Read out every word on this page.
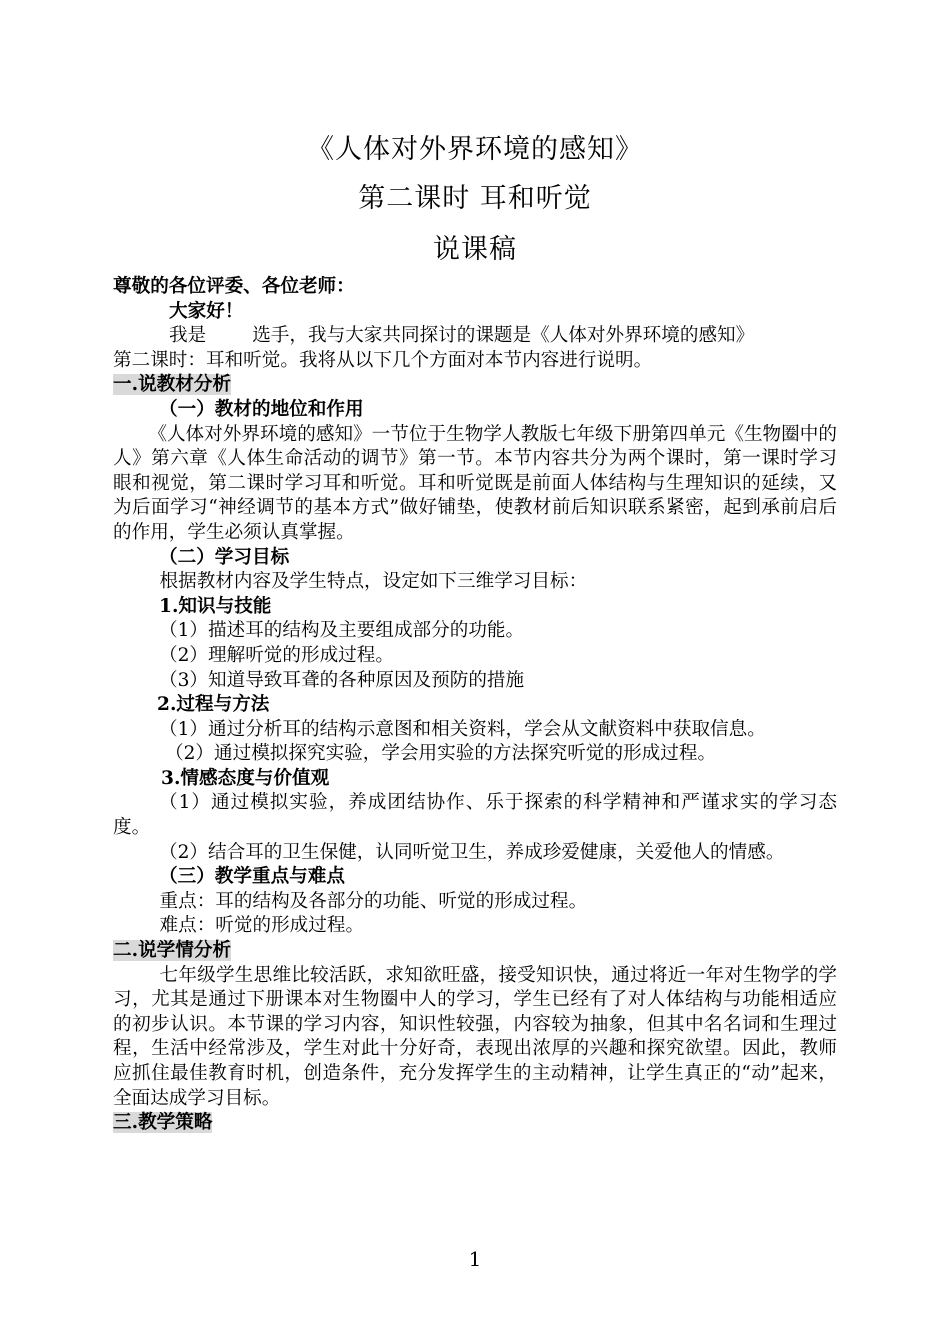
《人体对外界环境的感知》
第二课时 耳和听觉
说课稿

尊敬的各位评委、各位老师：

大家好！

我是 选手，我与大家共同探讨的课题是《人体对外界环境的感知》

第二课时：耳和听觉。我将从以下几个方面对本节内容进行说明。

一.说教材分析

（一）教材的地位和作用

《人体对外界环境的感知》一节位于生物学人教版七年级下册第四单元《生物圈中的人》第六章《人体生命活动的调节》第一节。本节内容共分为两个课时，第一课时学习眼和视觉，第二课时学习耳和听觉。耳和听觉既是前面人体结构与生理知识的延续，又为后面学习“神经调节的基本方式”做好铺垫，使教材前后知识联系紧密，起到承前启后的作用，学生必须认真掌握。

（二）学习目标

根据教材内容及学生特点，设定如下三维学习目标：

1.知识与技能

（1）描述耳的结构及主要组成部分的功能。

（2）理解听觉的形成过程。

（3）知道导致耳聋的各种原因及预防的措施

2.过程与方法

（1）通过分析耳的结构示意图和相关资料，学会从文献资料中获取信息。

（2）通过模拟探究实验，学会用实验的方法探究听觉的形成过程。

3.情感态度与价值观

（1）通过模拟实验，养成团结协作、乐于探索的科学精神和严谨求实的学习态度。

（2）结合耳的卫生保健，认同听觉卫生，养成珍爱健康，关爱他人的情感。

（三）教学重点与难点

重点：耳的结构及各部分的功能、听觉的形成过程。

难点：听觉的形成过程。

二.说学情分析

七年级学生思维比较活跃，求知欲旺盛，接受知识快，通过将近一年对生物学的学习，尤其是通过下册课本对生物圈中人的学习，学生已经有了对人体结构与功能相适应的初步认识。本节课的学习内容，知识性较强，内容较为抽象，但其中名名词和生理过程，生活中经常涉及，学生对此十分好奇，表现出浓厚的兴趣和探究欲望。因此，教师应抓住最佳教育时机，创造条件，充分发挥学生的主动精神，让学生真正的“动”起来，全面达成学习目标。

三.教学策略

1
